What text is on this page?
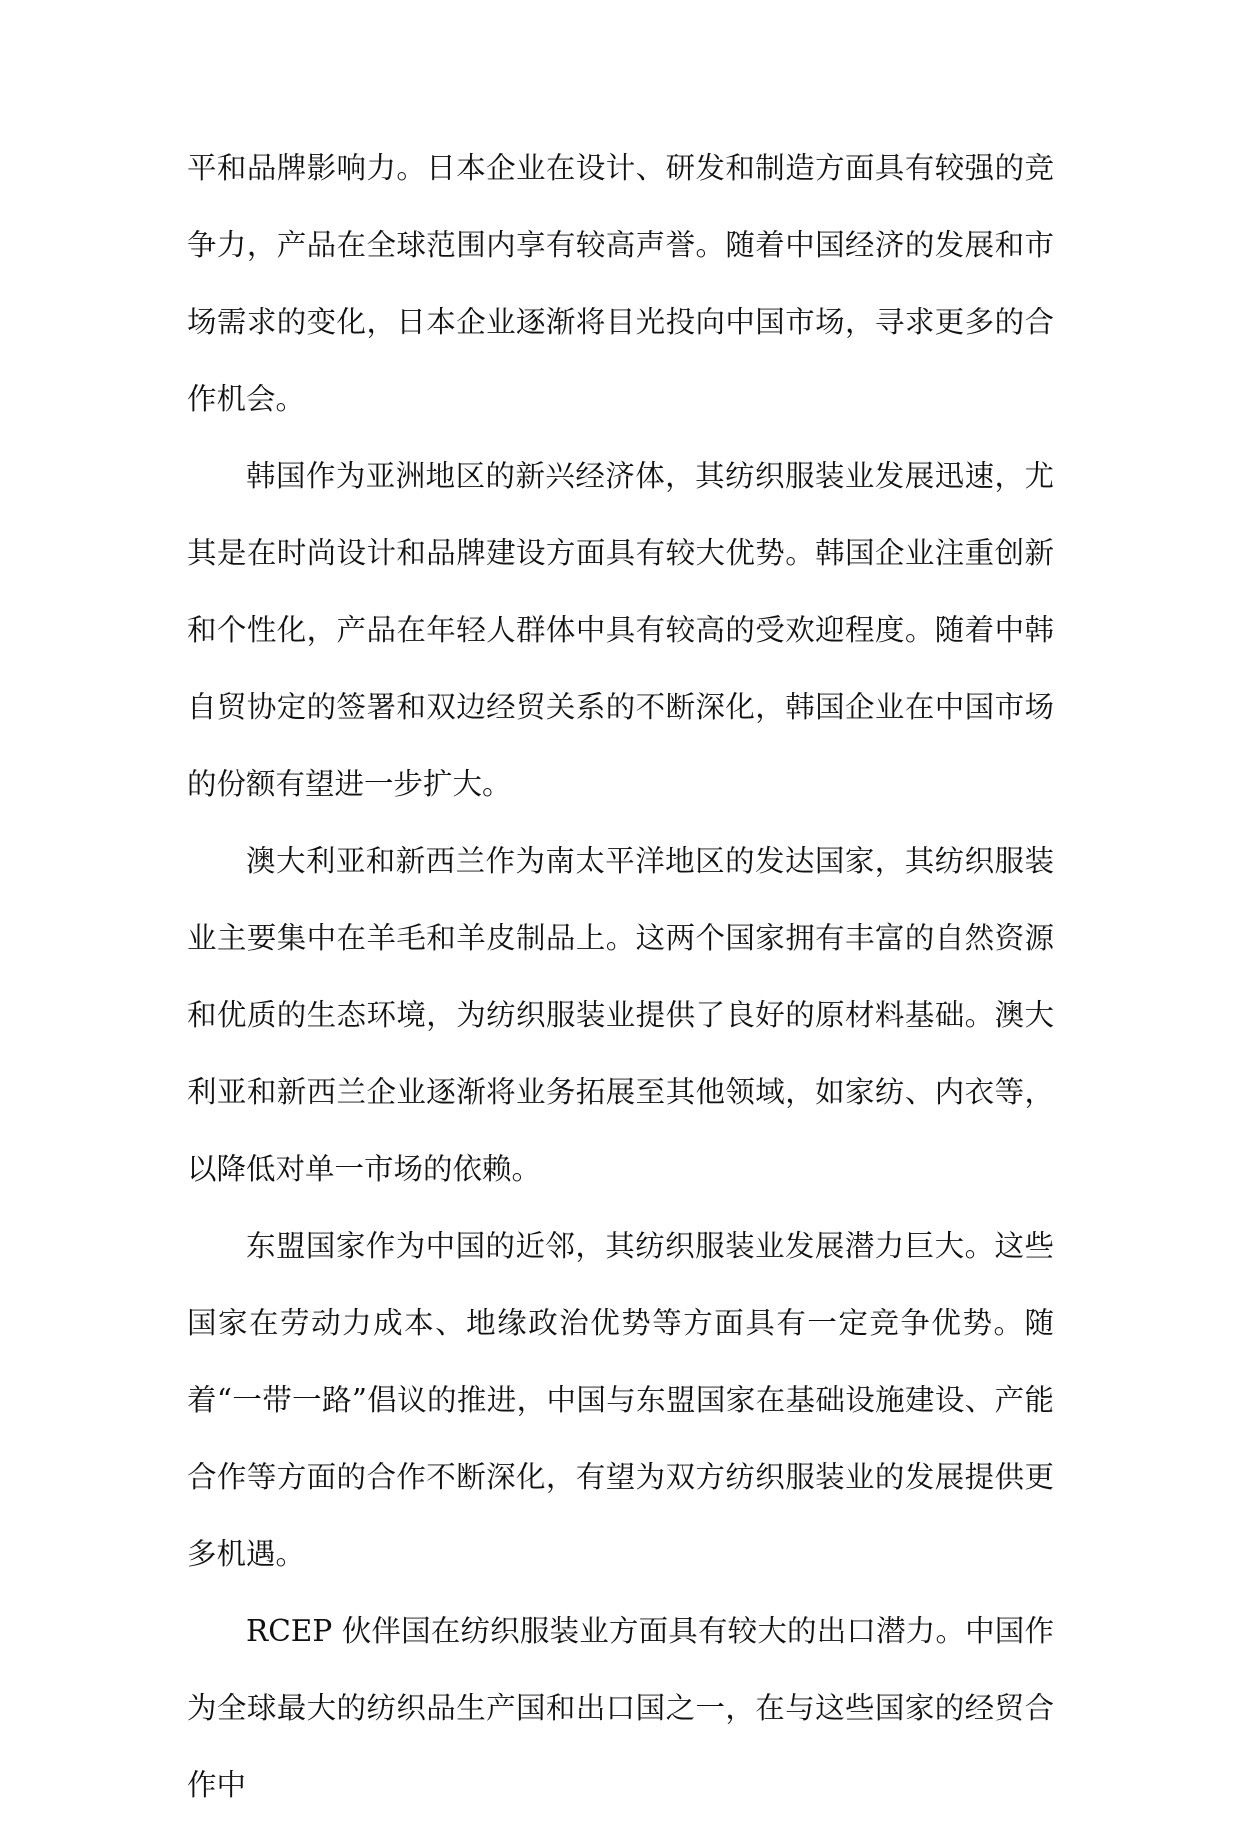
平和品牌影响力。日本企业在设计、研发和制造方面具有较强的竞争力，产品在全球范围内享有较高声誉。随着中国经济的发展和市场需求的变化，日本企业逐渐将目光投向中国市场，寻求更多的合作机会。

韩国作为亚洲地区的新兴经济体，其纺织服装业发展迅速，尤其是在时尚设计和品牌建设方面具有较大优势。韩国企业注重创新和个性化，产品在年轻人群体中具有较高的受欢迎程度。随着中韩自贸协定的签署和双边经贸关系的不断深化，韩国企业在中国市场的份额有望进一步扩大。

澳大利亚和新西兰作为南太平洋地区的发达国家，其纺织服装业主要集中在羊毛和羊皮制品上。这两个国家拥有丰富的自然资源和优质的生态环境，为纺织服装业提供了良好的原材料基础。澳大利亚和新西兰企业逐渐将业务拓展至其他领域，如家纺、内衣等，以降低对单一市场的依赖。

东盟国家作为中国的近邻，其纺织服装业发展潜力巨大。这些国家在劳动力成本、地缘政治优势等方面具有一定竞争优势。随着“一带一路”倡议的推进，中国与东盟国家在基础设施建设、产能合作等方面的合作不断深化，有望为双方纺织服装业的发展提供更多机遇。

RCEP 伙伴国在纺织服装业方面具有较大的出口潜力。中国作为全球最大的纺织品生产国和出口国之一，在与这些国家的经贸合作中
